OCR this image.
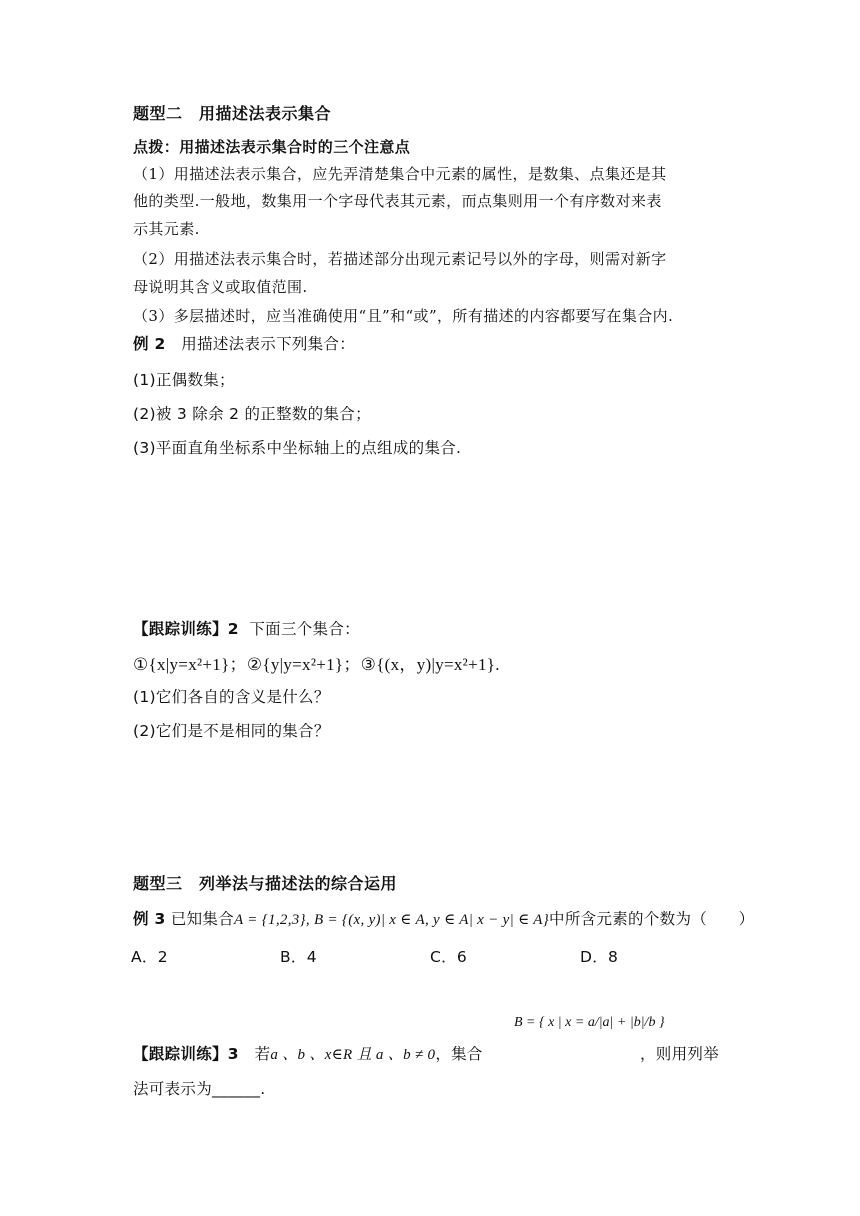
题型二　用描述法表示集合
点拨：用描述法表示集合时的三个注意点
（1）用描述法表示集合，应先弄清楚集合中元素的属性，是数集、点集还是其
他的类型.一般地，数集用一个字母代表其元素，而点集则用一个有序数对来表
示其元素.
（2）用描述法表示集合时，若描述部分出现元素记号以外的字母，则需对新字
母说明其含义或取值范围.
（3）多层描述时，应当准确使用“且”和“或”，所有描述的内容都要写在集合内.
例 2 用描述法表示下列集合：
(1)正偶数集；
(2)被 3 除余 2 的正整数的集合；
(3)平面直角坐标系中坐标轴上的点组成的集合.
【跟踪训练】2 下面三个集合：
①{x|y=x²+1}；②{y|y=x²+1}；③{(x，y)|y=x²+1}.
(1)它们各自的含义是什么？
(2)它们是不是相同的集合？
题型三　列举法与描述法的综合运用
例 3 已知集合A = {1,2,3}, B = {(x, y)| x ∈ A, y ∈ A| x − y| ∈ A}中所含元素的个数为（　　）
A．2	B．4	C．6	D．8
【跟踪训练】3 若a 、b 、x∈R 且 a 、b ≠ 0，集合
B = { x | x = a/|a| + |b|/b }
，则用列举
法可表示为______.
